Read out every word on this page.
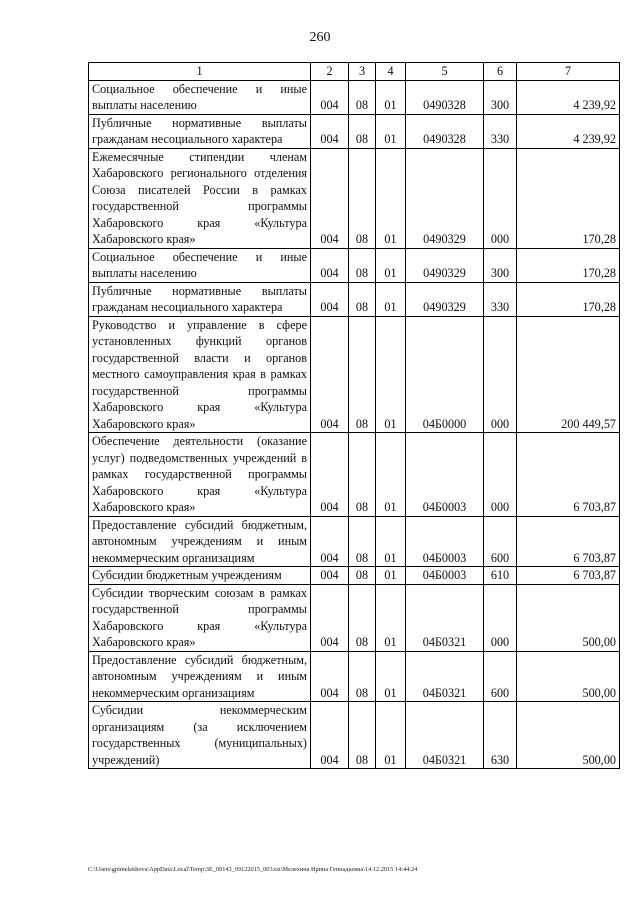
260
1	2	3	4	5	6	7

Социальное обеспечение и иные выплаты населению	004	08	01	0490328	300	4 239,92

Публичные нормативные выплаты гражданам несоциального характера	004	08	01	0490328	330	4 239,92

Ежемесячные стипендии членам Хабаровского регионального отделения Союза писателей России в рамках государственной программы Хабаровского края «Культура Хабаровского края»	004	08	01	0490329	000	170,28

Социальное обеспечение и иные выплаты населению	004	08	01	0490329	300	170,28

Публичные нормативные выплаты гражданам несоциального характера	004	08	01	0490329	330	170,28

Руководство и управление в сфере установленных функций органов государственной власти и органов местного самоуправления края в рамках государственной программы Хабаровского края «Культура Хабаровского края»	004	08	01	04Б0000	000	200 449,57

Обеспечение деятельности (оказание услуг) подведомственных учреждений в рамках государственной программы Хабаровского края «Культура Хабаровского края»	004	08	01	04Б0003	000	6 703,87

Предоставление субсидий бюджетным, автономным учреждениям и иным некоммерческим организациям	004	08	01	04Б0003	600	6 703,87

Субсидии бюджетным учреждениям	004	08	01	04Б0003	610	6 703,87

Субсидии творческим союзам в рамках государственной программы Хабаровского края «Культура Хабаровского края»	004	08	01	04Б0321	000	500,00

Предоставление субсидий бюджетным, автономным учреждениям и иным некоммерческим организациям	004	08	01	04Б0321	600	500,00

Субсидии некоммерческим организациям (за исключением государственных (муниципальных) учреждений)	004	08	01	04Б0321	630	500,00
C:\Users\gpimelekhova\AppData\Local\Temp\3E_00143_09122015_003.txt\Мелехина Ирина Геннадьевна\14.12.2015 14:44:24
